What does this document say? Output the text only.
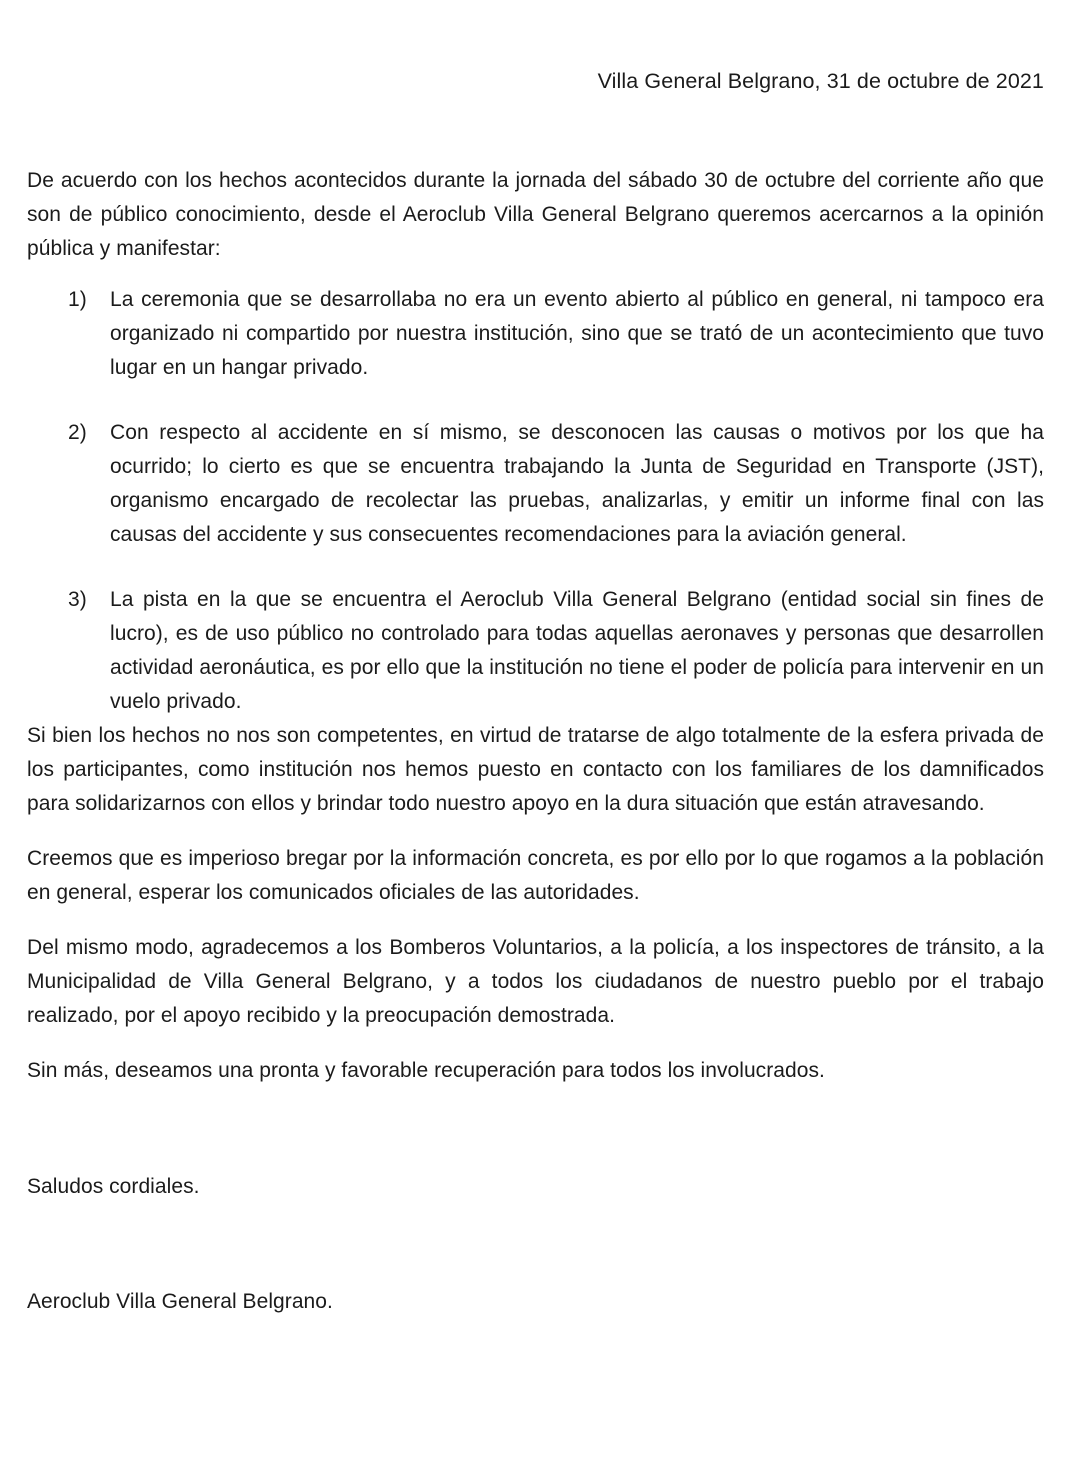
Villa General Belgrano, 31 de octubre de 2021

De acuerdo con los hechos acontecidos durante la jornada del sábado 30 de octubre del corriente año que son de público conocimiento, desde el Aeroclub Villa General Belgrano queremos acercarnos a la opinión pública y manifestar:

1)	La ceremonia que se desarrollaba no era un evento abierto al público en general, ni tampoco era organizado ni compartido por nuestra institución, sino que se trató de un acontecimiento que tuvo lugar en un hangar privado.
2)	Con respecto al accidente en sí mismo, se desconocen las causas o motivos por los que ha ocurrido; lo cierto es que se encuentra trabajando la Junta de Seguridad en Transporte (JST), organismo encargado de recolectar las pruebas, analizarlas, y emitir un informe final con las causas del accidente y sus consecuentes recomendaciones para la aviación general.
3)	La pista en la que se encuentra el Aeroclub Villa General Belgrano (entidad social sin fines de lucro), es de uso público no controlado para todas aquellas aeronaves y personas que desarrollen actividad aeronáutica, es por ello que la institución no tiene el poder de policía para intervenir en un vuelo privado.

Si bien los hechos no nos son competentes, en virtud de tratarse de algo totalmente de la esfera privada de los participantes, como institución nos hemos puesto en contacto con los familiares de los damnificados para solidarizarnos con ellos y brindar todo nuestro apoyo en la dura situación que están atravesando.

Creemos que es imperioso bregar por la información concreta, es por ello por lo que rogamos a la población en general, esperar los comunicados oficiales de las autoridades.

Del mismo modo, agradecemos a los Bomberos Voluntarios, a la policía, a los inspectores de tránsito, a la Municipalidad de Villa General Belgrano, y a todos los ciudadanos de nuestro pueblo por el trabajo realizado, por el apoyo recibido y la preocupación demostrada.

Sin más, deseamos una pronta y favorable recuperación para todos los involucrados.

Saludos cordiales.

Aeroclub Villa General Belgrano.
